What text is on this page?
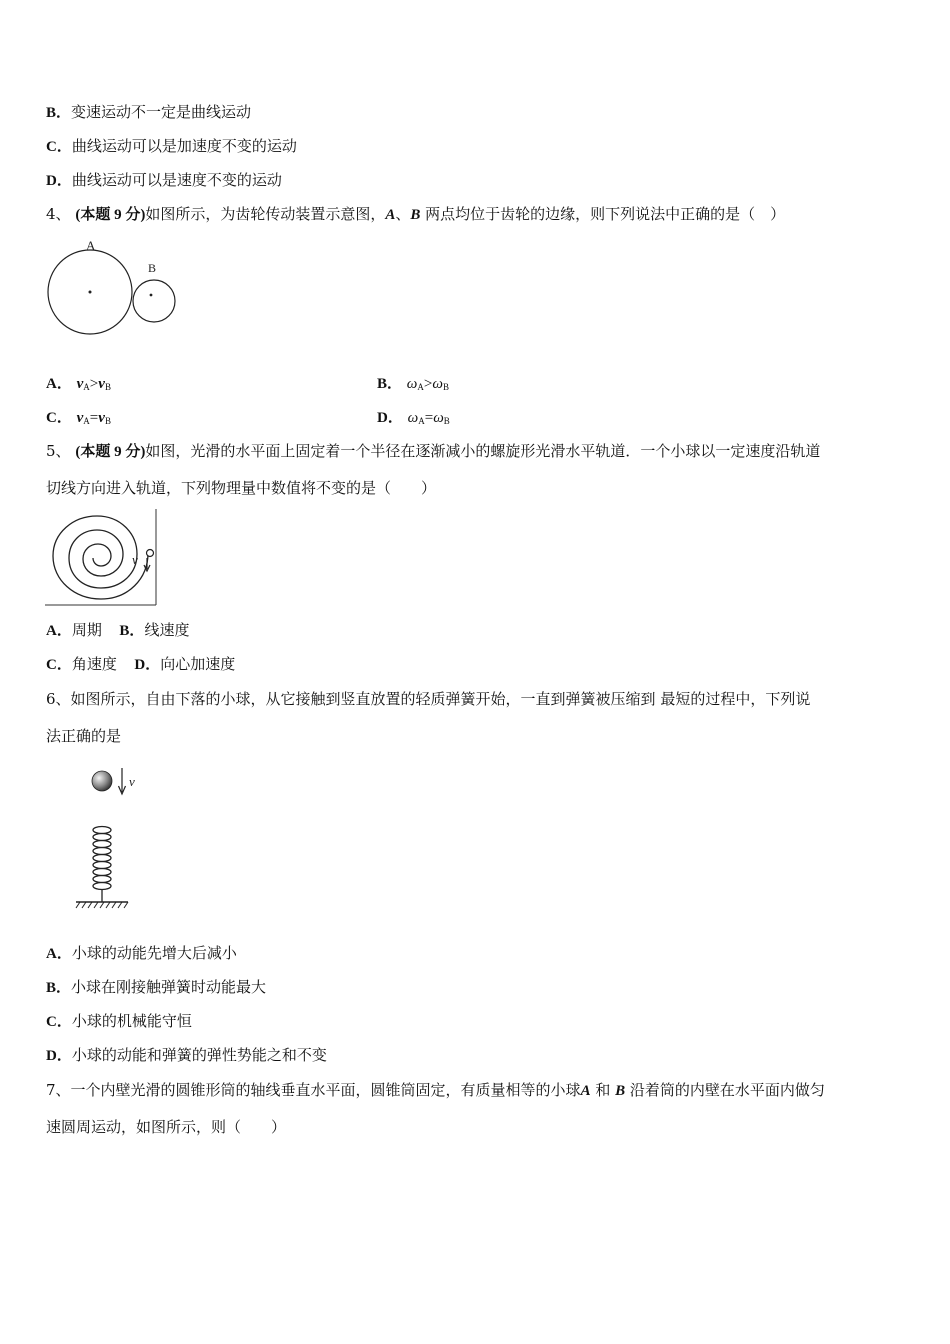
B．变速运动不一定是曲线运动
C．曲线运动可以是加速度不变的运动
D．曲线运动可以是速度不变的运动
4、 (本题 9 分)如图所示，为齿轮传动装置示意图，A、B 两点均位于齿轮的边缘，则下列说法中正确的是（　）
A
B
A． $v_A>v_B$	B． $\omega_A>\omega_B$
C． $v_A=v_B$	D． $\omega_A=\omega_B$
5、 (本题 9 分)如图，光滑的水平面上固定着一个半径在逐渐减小的螺旋形光滑水平轨道．一个小球以一定速度沿轨道
切线方向进入轨道，下列物理量中数值将不变的是（　　）
v
A．周期 B．线速度
C．角速度 D．向心加速度
6、如图所示，自由下落的小球，从它接触到竖直放置的轻质弹簧开始，一直到弹簧被压缩到 最短的过程中，下列说
法正确的是
v
A．小球的动能先增大后减小
B．小球在刚接触弹簧时动能最大
C．小球的机械能守恒
D．小球的动能和弹簧的弹性势能之和不变
7、一个内壁光滑的圆锥形筒的轴线垂直水平面，圆锥筒固定，有质量相等的小球A 和 B 沿着筒的内壁在水平面内做匀
速圆周运动，如图所示，则（　　）
